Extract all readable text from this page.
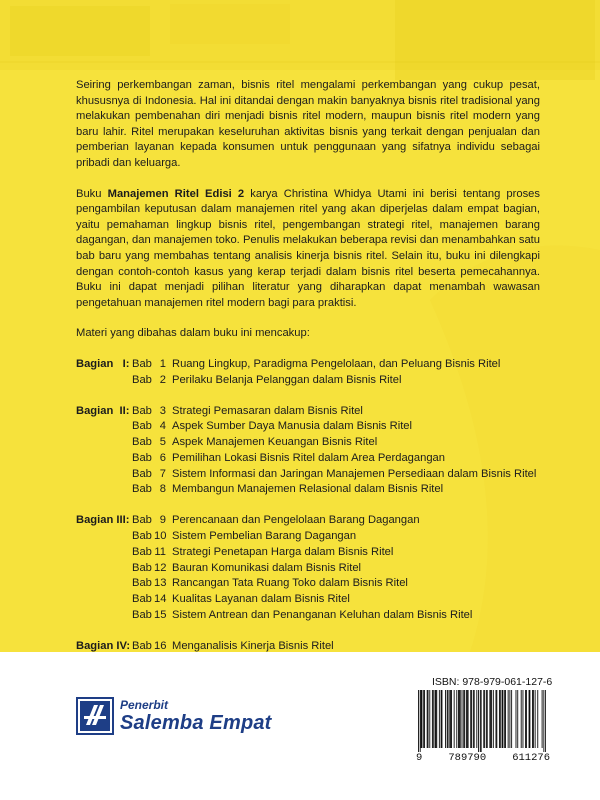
Seiring perkembangan zaman, bisnis ritel mengalami perkembangan yang cukup pesat, khususnya di Indonesia. Hal ini ditandai dengan makin banyaknya bisnis ritel tradisional yang melakukan pembenahan diri menjadi bisnis ritel modern, maupun bisnis ritel modern yang baru lahir. Ritel merupakan keseluruhan aktivitas bisnis yang terkait dengan penjualan dan pemberian layanan kepada konsumen untuk penggunaan yang sifatnya individu sebagai pribadi dan keluarga.

Buku Manajemen Ritel Edisi 2 karya Christina Whidya Utami ini berisi tentang proses pengambilan keputusan dalam manajemen ritel yang akan diperjelas dalam empat bagian, yaitu pemahaman lingkup bisnis ritel, pengembangan strategi ritel, manajemen barang dagangan, dan manajemen toko. Penulis melakukan beberapa revisi dan menambahkan satu bab baru yang membahas tentang analisis kinerja bisnis ritel. Selain itu, buku ini dilengkapi dengan contoh-contoh kasus yang kerap terjadi dalam bisnis ritel beserta pemecahannya. Buku ini dapat menjadi pilihan literatur yang diharapkan dapat menambah wawasan pengetahuan manajemen ritel modern bagi para praktisi.

Materi yang dibahas dalam buku ini mencakup:

Bagian   I: Bab 1 Ruang Lingkup, Paradigma Pengelolaan, dan Peluang Bisnis Ritel
Bab 2 Perilaku Belanja Pelanggan dalam Bisnis Ritel
Bagian  II: Bab 3 Strategi Pemasaran dalam Bisnis Ritel
Bab 4 Aspek Sumber Daya Manusia dalam Bisnis Ritel
Bab 5 Aspek Manajemen Keuangan Bisnis Ritel
Bab 6 Pemilihan Lokasi Bisnis Ritel dalam Area Perdagangan
Bab 7 Sistem Informasi dan Jaringan Manajemen Persediaan dalam Bisnis Ritel
Bab 8 Membangun Manajemen Relasional dalam Bisnis Ritel
Bagian III: Bab 9 Perencanaan dan Pengelolaan Barang Dagangan
Bab 10 Sistem Pembelian Barang Dagangan
Bab 11 Strategi Penetapan Harga dalam Bisnis Ritel
Bab 12 Bauran Komunikasi dalam Bisnis Ritel
Bab 13 Rancangan Tata Ruang Toko dalam Bisnis Ritel
Bab 14 Kualitas Layanan dalam Bisnis Ritel
Bab 15 Sistem Antrean dan Penanganan Keluhan dalam Bisnis Ritel
Bagian IV: Bab 16 Menganalisis Kinerja Bisnis Ritel
Penerbit
Salemba Empat
ISBN: 978-979-061-127-6
9 789790 611276
